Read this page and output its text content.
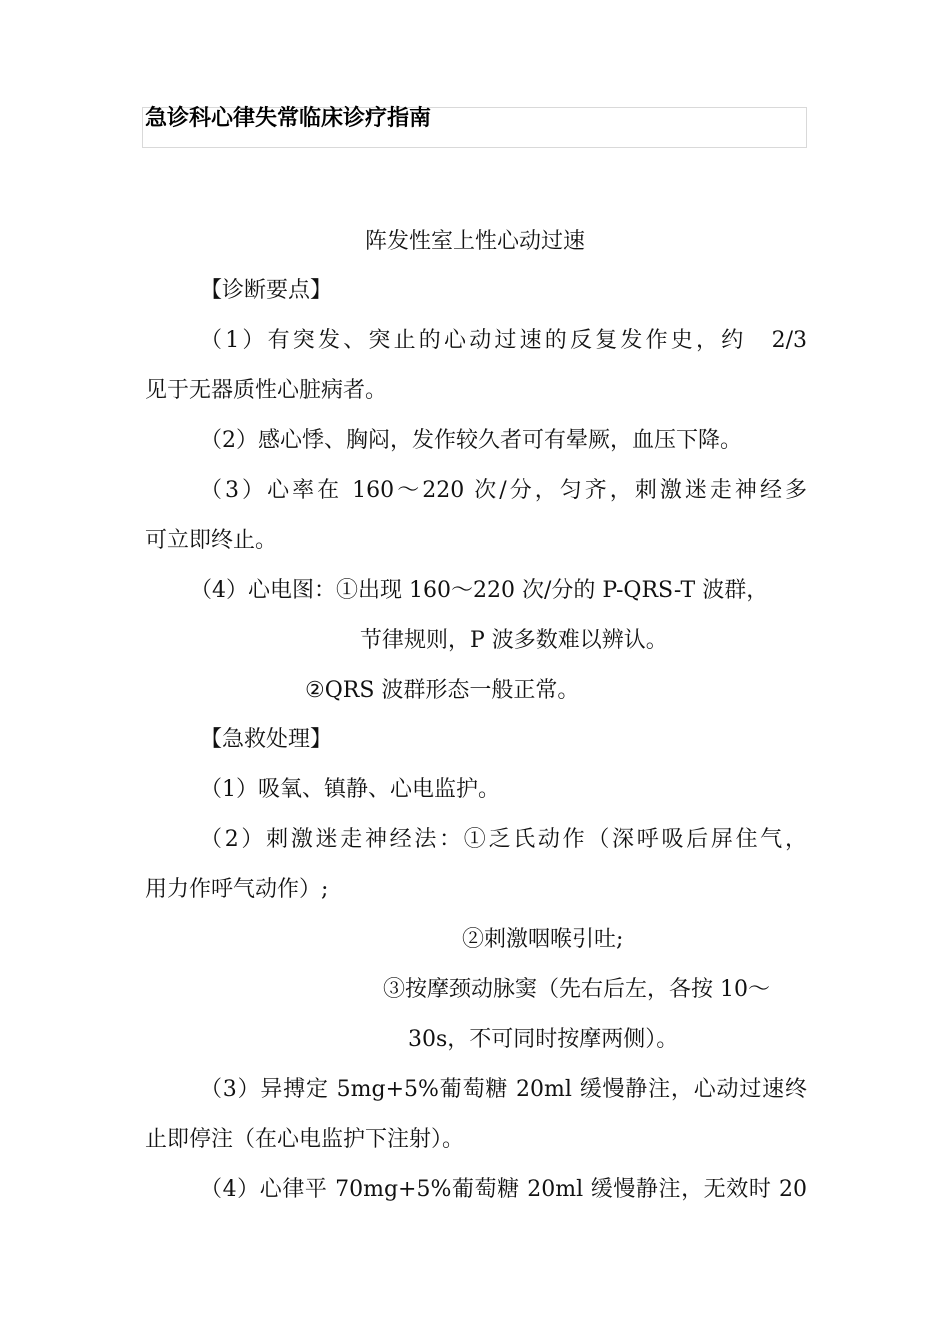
急诊科心律失常临床诊疗指南
阵发性室上性心动过速
【诊断要点】
（1）有突发、突止的心动过速的反复发作史，约　2/3
见于无器质性心脏病者。
（2）感心悸、胸闷，发作较久者可有晕厥，血压下降。
（3）心率在 160～220 次/分，匀齐，刺激迷走神经多
可立即终止。
（4）心电图：①出现 160～220 次/分的 P-QRS-T 波群，
节律规则，P 波多数难以辨认。
②QRS 波群形态一般正常。
【急救处理】
（1）吸氧、镇静、心电监护。
（2）刺激迷走神经法：①乏氏动作（深呼吸后屏住气，
用力作呼气动作）;
②刺激咽喉引吐;
③按摩颈动脉窦（先右后左，各按 10～
30s，不可同时按摩两侧）。
（3）异搏定 5mg+5%葡萄糖 20ml 缓慢静注，心动过速终
止即停注（在心电监护下注射）。
（4）心律平 70mg+5%葡萄糖 20ml 缓慢静注，无效时 20
